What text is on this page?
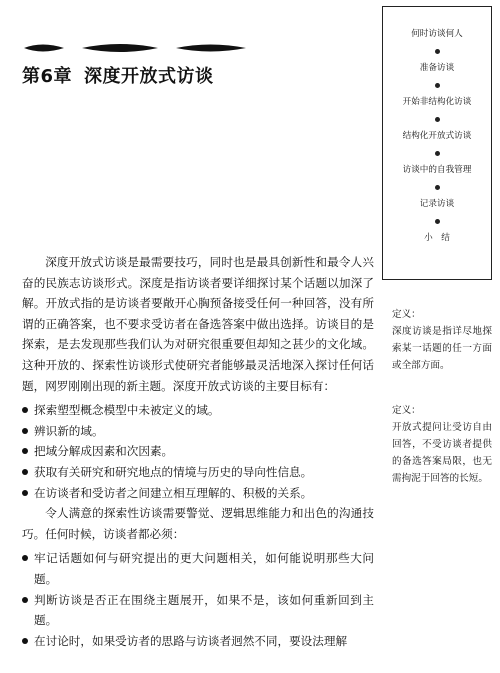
第6章 深度开放式访谈
何时访谈何人
准备访谈
开始非结构化访谈
结构化开放式访谈
访谈中的自我管理
记录访谈
小　结

深度开放式访谈是最需要技巧，同时也是最具创新性和最令人兴奋的民族志访谈形式。深度是指访谈者要详细探讨某个话题以加深了解。开放式指的是访谈者要敞开心胸预备接受任何一种回答，没有所谓的正确答案，也不要求受访者在备选答案中做出选择。访谈目的是探索，是去发现那些我们认为对研究很重要但却知之甚少的文化域。这种开放的、探索性访谈形式使研究者能够最灵活地深入探讨任何话题，网罗刚刚出现的新主题。深度开放式访谈的主要目标有：

探索塑型概念模型中未被定义的域。

辨识新的域。

把域分解成因素和次因素。

获取有关研究和研究地点的情境与历史的导向性信息。

在访谈者和受访者之间建立相互理解的、积极的关系。

令人满意的探索性访谈需要警觉、逻辑思维能力和出色的沟通技巧。任何时候，访谈者都必须：

牢记话题如何与研究提出的更大问题相关，如何能说明那些大问题。

判断访谈是否正在围绕主题展开，如果不是，该如何重新回到主题。

在讨论时，如果受访者的思路与访谈者迥然不同，要设法理解

定义：
深度访谈是指详尽地探索某一话题的任一方面或全部方面。
定义：
开放式提问让受访自由回答，不受访谈者提供的备选答案局限，也无需拘泥于回答的长短。
